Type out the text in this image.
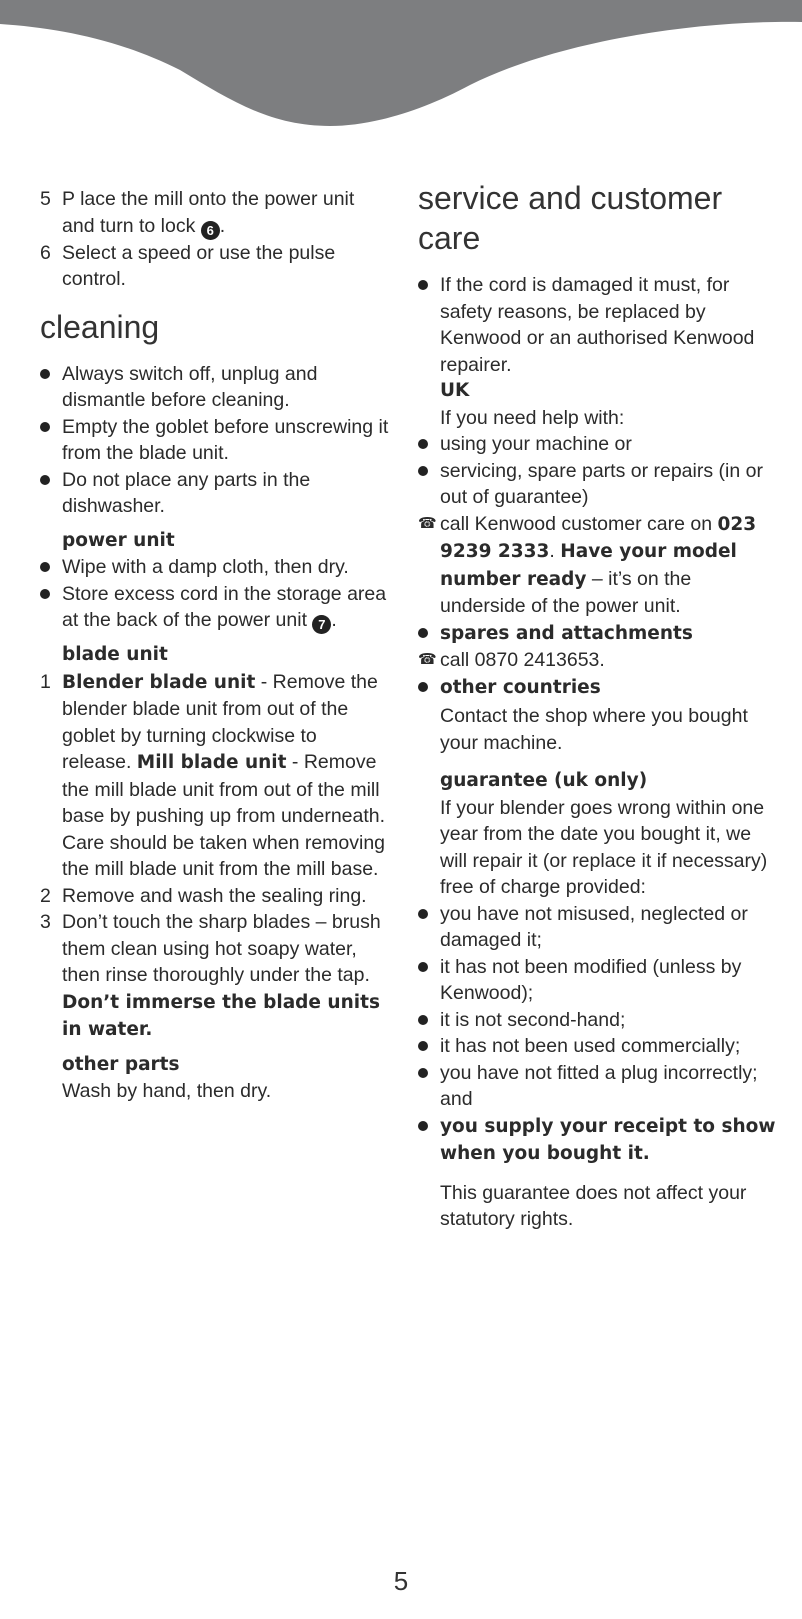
5 P lace the mill onto the power unit and turn to lock 6 .
6 Select a speed or use the pulse control.
cleaning
Always switch off, unplug and dismantle before cleaning.
Empty the goblet before unscrewing it from the blade unit.
Do not place any parts in the dishwasher.
power unit
Wipe with a damp cloth, then dry.
Store excess cord in the storage area at the back of the power unit 7 .
blade unit
1 Blender blade unit - Remove the blender blade unit from out of the goblet by turning clockwise to release. Mill blade unit - Remove the mill blade unit from out of the mill base by pushing up from underneath. Care should be taken when removing the mill blade unit from the mill base.
2 Remove and wash the sealing ring.
3 Don’t touch the sharp blades – brush them clean using hot soapy water, then rinse thoroughly under the tap. Don’t immerse the blade units in water.
other parts
Wash by hand, then dry.
service and customer care
If the cord is damaged it must, for safety reasons, be replaced by Kenwood or an authorised Kenwood repairer.
UK
If you need help with:
using your machine or
servicing, spare parts or repairs (in or out of guarantee)
☎ call Kenwood customer care on 023 9239 2333. Have your model number ready – it’s on the underside of the power unit.
spares and attachments
☎ call 0870 2413653.
other countries
Contact the shop where you bought your machine.
guarantee (uk only)
If your blender goes wrong within one year from the date you bought it, we will repair it (or replace it if necessary) free of charge provided:
you have not misused, neglected or damaged it;
it has not been modified (unless by Kenwood);
it is not second-hand;
it has not been used commercially;
you have not fitted a plug incorrectly; and
you supply your receipt to show when you bought it.
This guarantee does not affect your statutory rights.
5
